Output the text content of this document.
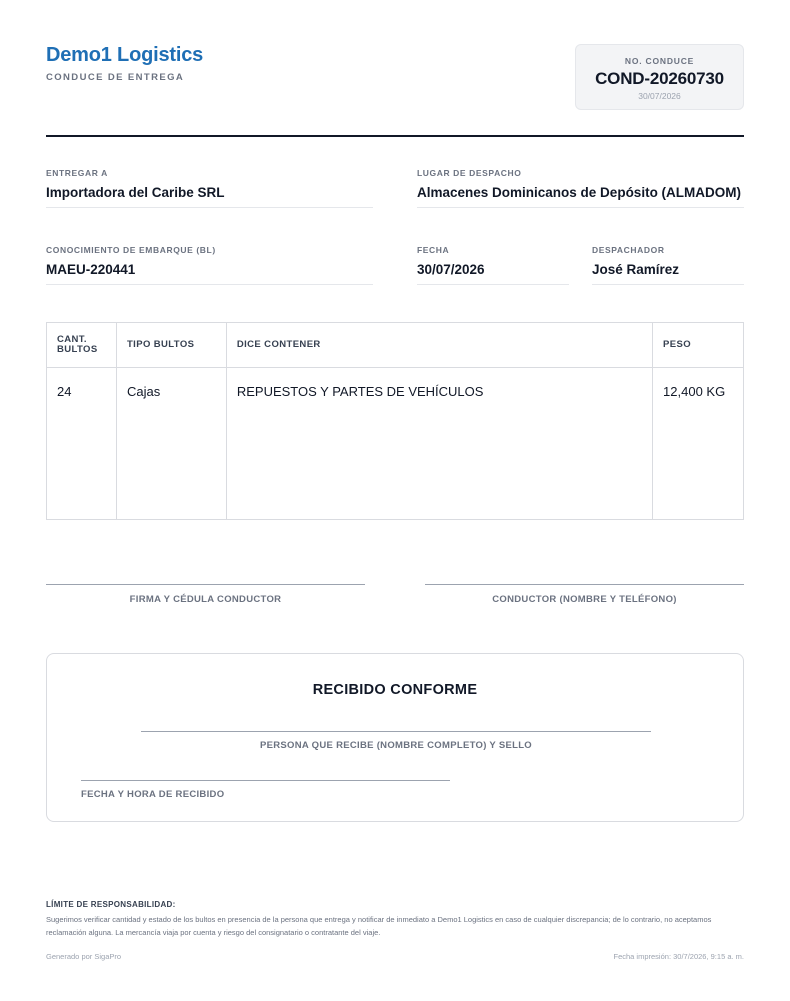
Demo1 Logistics
CONDUCE DE ENTREGA
NO. CONDUCE
COND-20260730
30/07/2026
ENTREGAR A
Importadora del Caribe SRL
LUGAR DE DESPACHO
Almacenes Dominicanos de Depósito (ALMADOM)
CONOCIMIENTO DE EMBARQUE (BL)
MAEU-220441
FECHA
30/07/2026
DESPACHADOR
José Ramírez
CANT. BULTOS	TIPO BULTOS	DICE CONTENER	PESO
24	Cajas	REPUESTOS Y PARTES DE VEHÍCULOS	12,400 KG
FIRMA Y CÉDULA CONDUCTOR	CONDUCTOR (NOMBRE Y TELÉFONO)
RECIBIDO CONFORME
PERSONA QUE RECIBE (NOMBRE COMPLETO) Y SELLO
FECHA Y HORA DE RECIBIDO
LÍMITE DE RESPONSABILIDAD:
Sugerimos verificar cantidad y estado de los bultos en presencia de la persona que entrega y notificar de inmediato a Demo1 Logistics en caso de cualquier discrepancia; de lo contrario, no aceptamos reclamación alguna. La mercancía viaja por cuenta y riesgo del consignatario o contratante del viaje.
Generado por SigaPro	Fecha impresión: 30/7/2026, 9:15 a. m.
